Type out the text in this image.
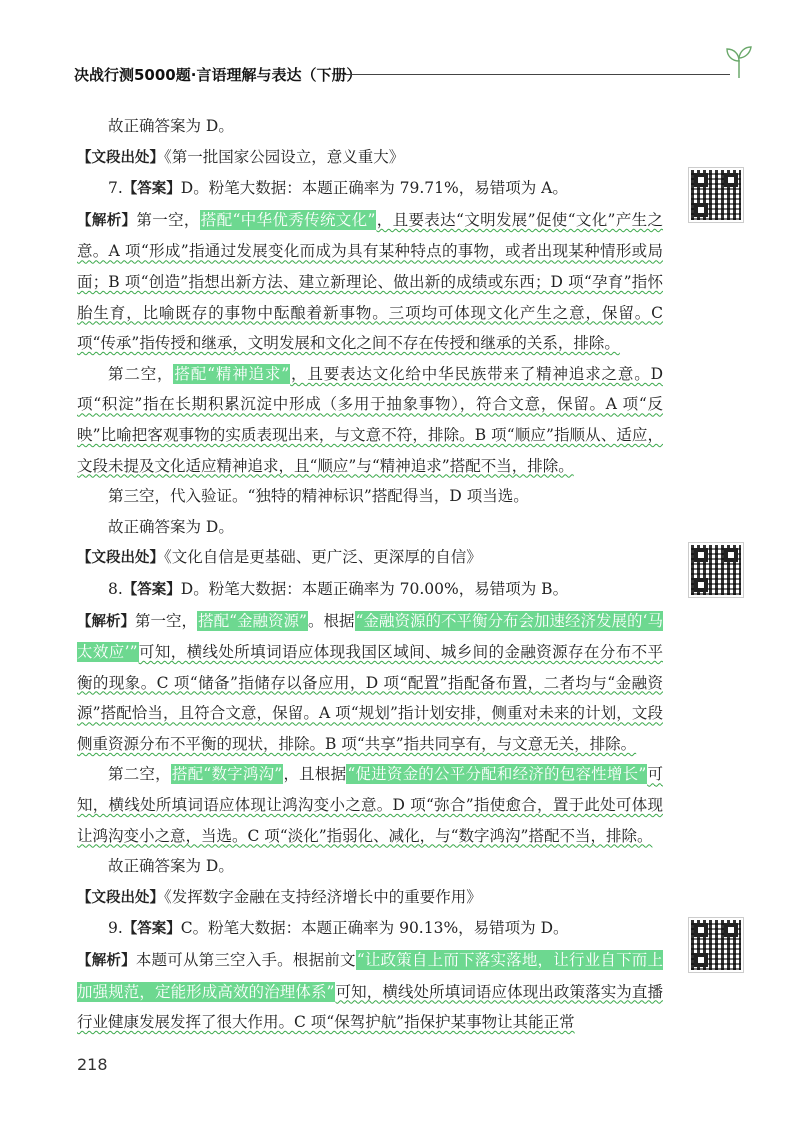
决战行测5000题·言语理解与表达（下册）

故正确答案为 D。

【文段出处】《第一批国家公园设立，意义重大》

7.【答案】D。粉笔大数据：本题正确率为 79.71%，易错项为 A。

【解析】第一空，搭配“中华优秀传统文化”，且要表达“文明发展”促使“文化”产生之意。A 项“形成”指通过发展变化而成为具有某种特点的事物，或者出现某种情形或局面；B 项“创造”指想出新方法、建立新理论、做出新的成绩或东西；D 项“孕育”指怀胎生育，比喻既存的事物中酝酿着新事物。三项均可体现文化产生之意，保留。C 项“传承”指传授和继承，文明发展和文化之间不存在传授和继承的关系，排除。

第二空，搭配“精神追求”，且要表达文化给中华民族带来了精神追求之意。D 项“积淀”指在长期积累沉淀中形成（多用于抽象事物），符合文意，保留。A 项“反映”比喻把客观事物的实质表现出来，与文意不符，排除。B 项“顺应”指顺从、适应，文段未提及文化适应精神追求，且“顺应”与“精神追求”搭配不当，排除。

第三空，代入验证。“独特的精神标识”搭配得当，D 项当选。

故正确答案为 D。

【文段出处】《文化自信是更基础、更广泛、更深厚的自信》

8.【答案】D。粉笔大数据：本题正确率为 70.00%，易错项为 B。

【解析】第一空，搭配“金融资源”。根据“金融资源的不平衡分布会加速经济发展的‘马太效应’”可知，横线处所填词语应体现我国区域间、城乡间的金融资源存在分布不平衡的现象。C 项“储备”指储存以备应用，D 项“配置”指配备布置，二者均与“金融资源”搭配恰当，且符合文意，保留。A 项“规划”指计划安排，侧重对未来的计划，文段侧重资源分布不平衡的现状，排除。B 项“共享”指共同享有，与文意无关，排除。

第二空，搭配“数字鸿沟”，且根据“促进资金的公平分配和经济的包容性增长”可知，横线处所填词语应体现让鸿沟变小之意。D 项“弥合”指使愈合，置于此处可体现让鸿沟变小之意，当选。C 项“淡化”指弱化、减化，与“数字鸿沟”搭配不当，排除。

故正确答案为 D。

【文段出处】《发挥数字金融在支持经济增长中的重要作用》

9.【答案】C。粉笔大数据：本题正确率为 90.13%，易错项为 D。

【解析】本题可从第三空入手。根据前文“让政策自上而下落实落地，让行业自下而上加强规范，定能形成高效的治理体系”可知，横线处所填词语应体现出政策落实为直播行业健康发展发挥了很大作用。C 项“保驾护航”指保护某事物让其能正常

218
